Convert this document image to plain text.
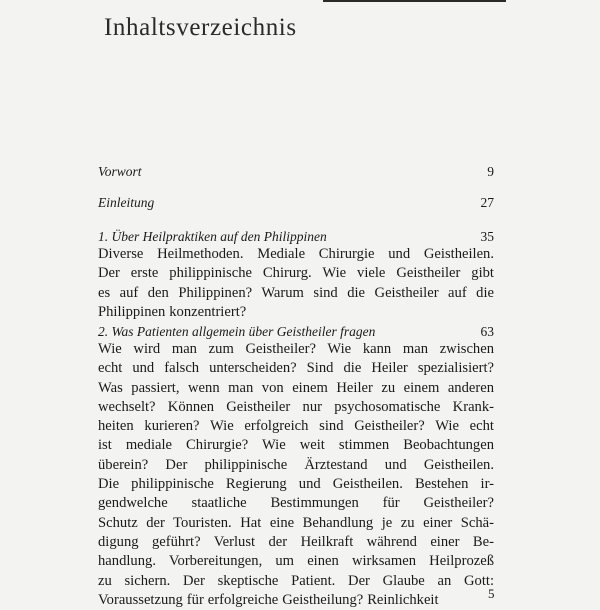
Inhaltsverzeichnis
Vorwort	9
Einleitung	27
1. Über Heilpraktiken auf den Philippinen	35
Diverse Heilmethoden. Mediale Chirurgie und Geistheilen.
Der erste philippinische Chirurg. Wie viele Geistheiler gibt
es auf den Philippinen? Warum sind die Geistheiler auf die
Philippinen konzentriert?
2. Was Patienten allgemein über Geistheiler fragen	63
Wie wird man zum Geistheiler? Wie kann man zwischen
echt und falsch unterscheiden? Sind die Heiler spezialisiert?
Was passiert, wenn man von einem Heiler zu einem anderen
wechselt? Können Geistheiler nur psychosomatische Krank-
heiten kurieren? Wie erfolgreich sind Geistheiler? Wie echt
ist mediale Chirurgie? Wie weit stimmen Beobachtungen
überein? Der philippinische Ärztestand und Geistheilen.
Die philippinische Regierung und Geistheilen. Bestehen ir-
gendwelche staatliche Bestimmungen für Geistheiler?
Schutz der Touristen. Hat eine Behandlung je zu einer Schä-
digung geführt? Verlust der Heilkraft während einer Be-
handlung. Vorbereitungen, um einen wirksamen Heilprozeß
zu sichern. Der skeptische Patient. Der Glaube an Gott:
Voraussetzung für erfolgreiche Geistheilung? Reinlichkeit	5
